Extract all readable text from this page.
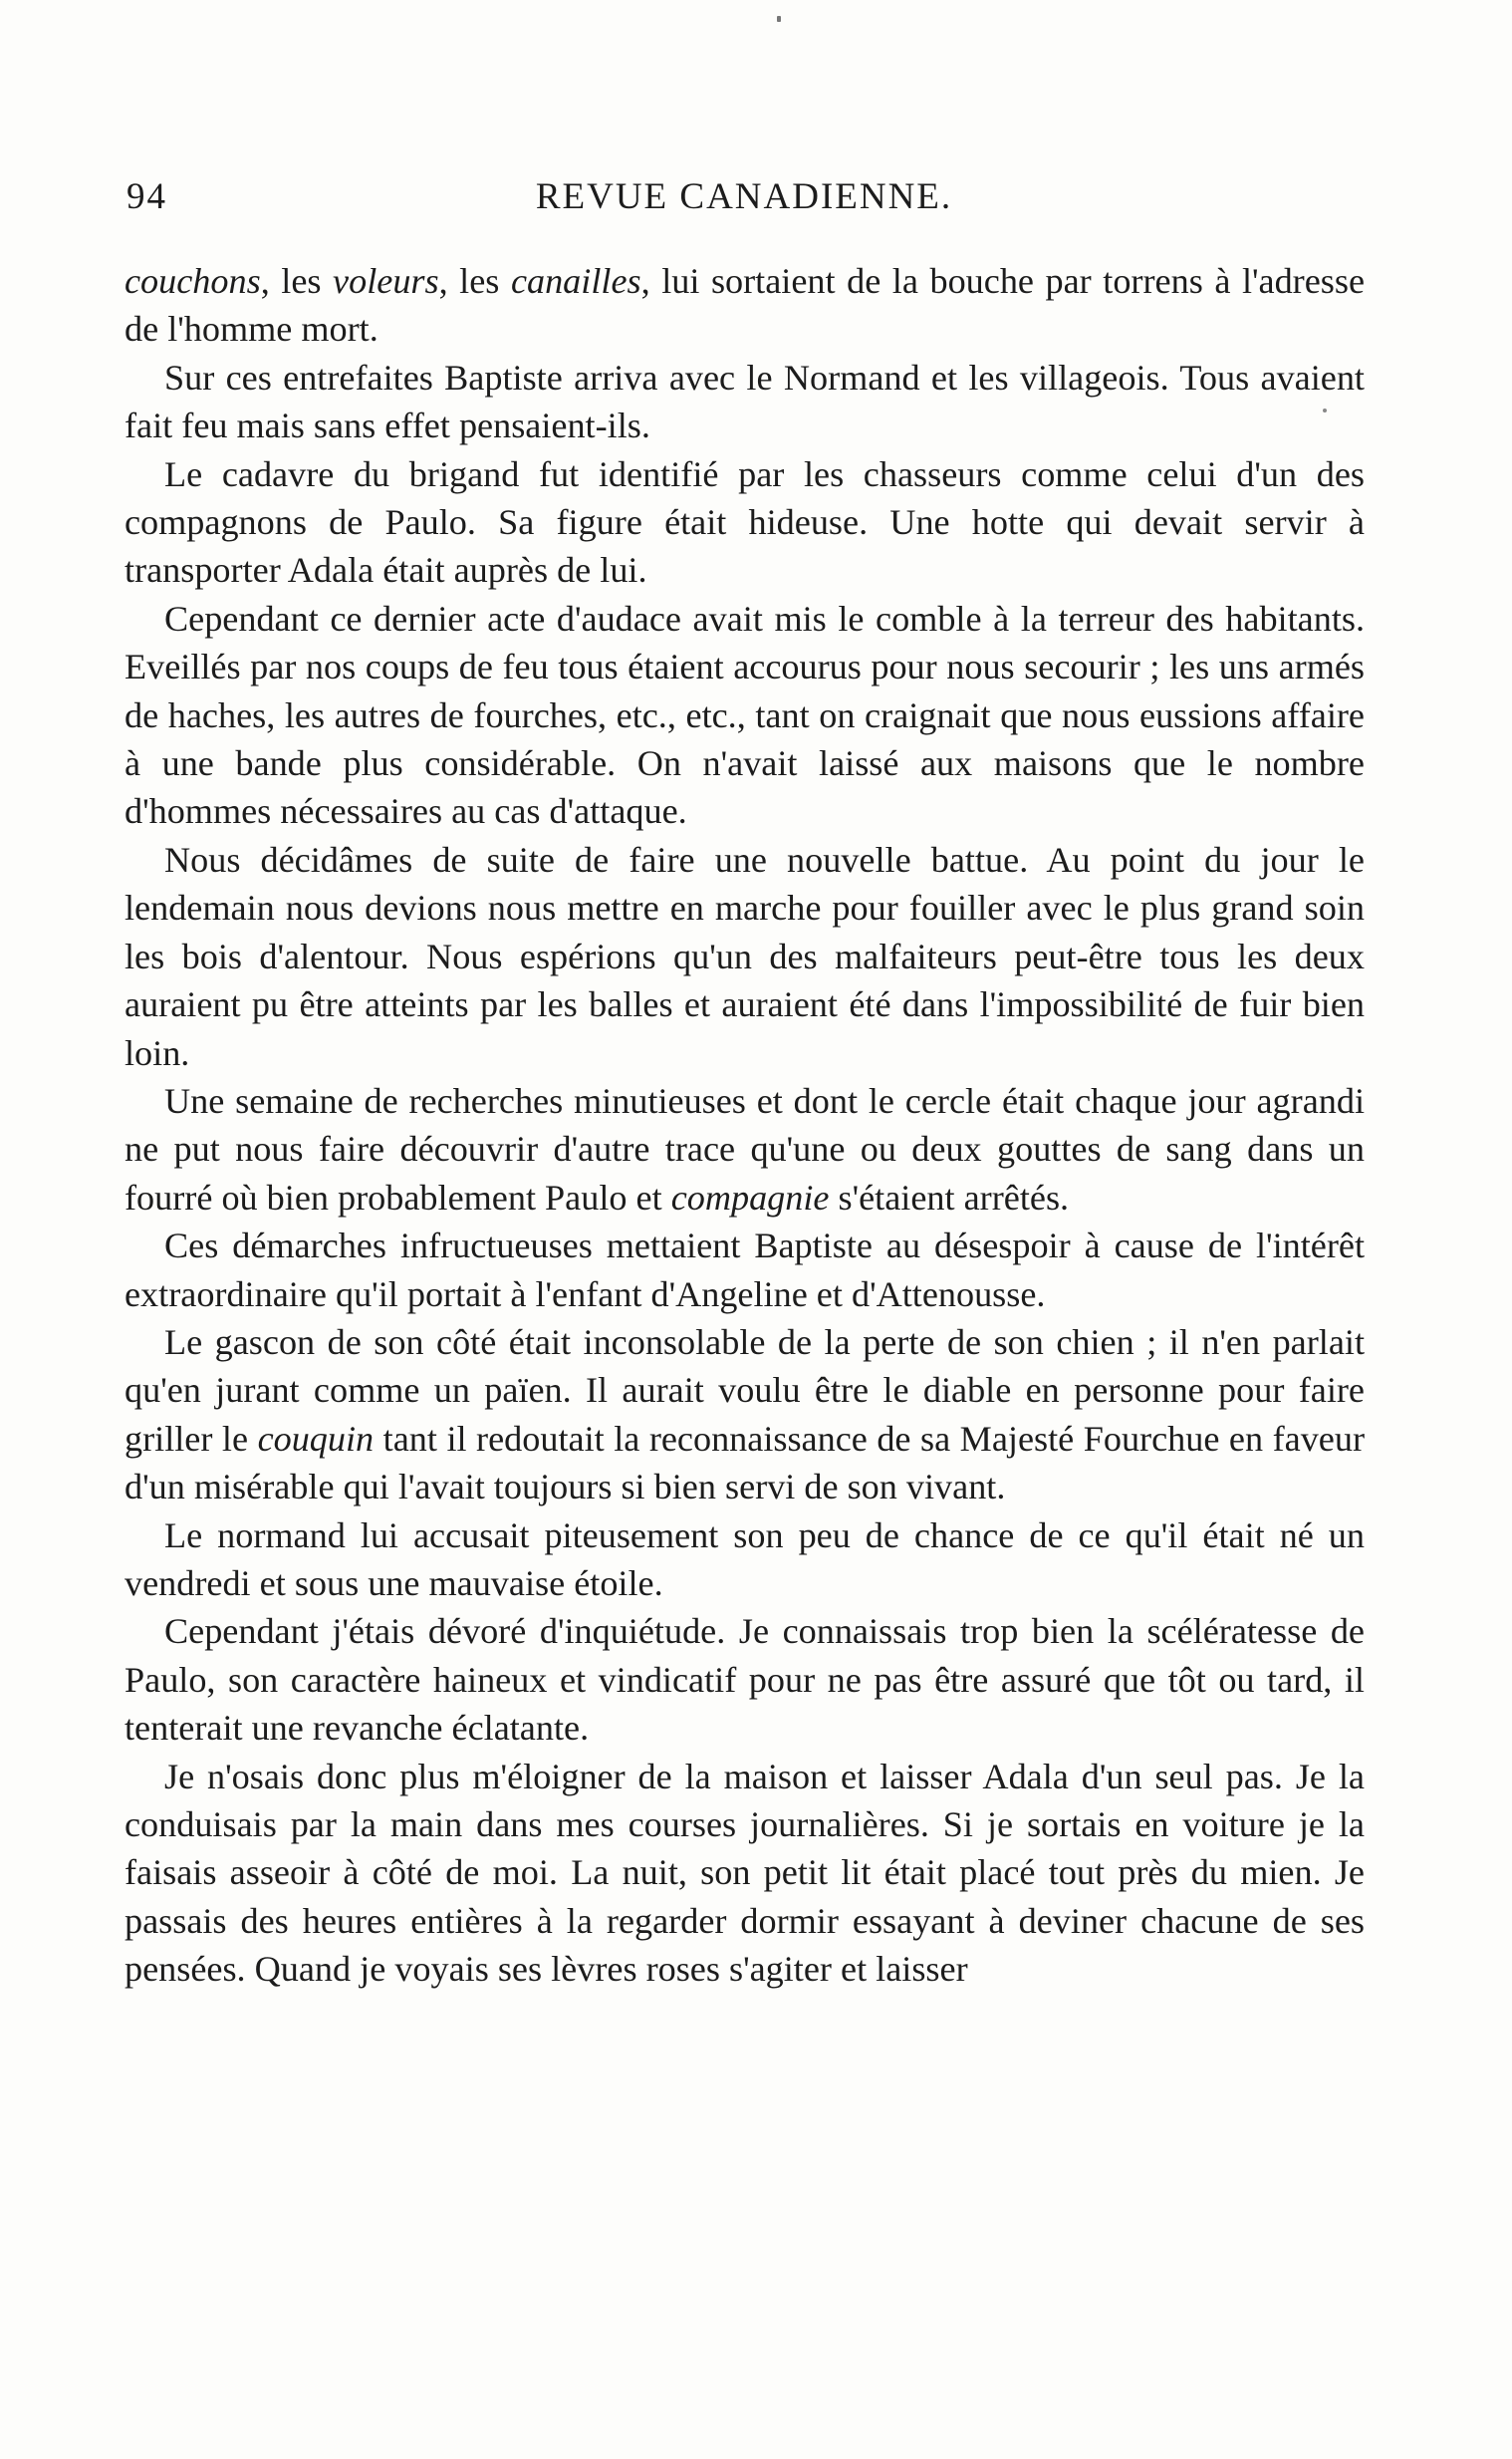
94	REVUE CANADIENNE.

couchons, les voleurs, les canailles, lui sortaient de la bouche par torrens à l'adresse de l'homme mort.

Sur ces entrefaites Baptiste arriva avec le Normand et les villageois. Tous avaient fait feu mais sans effet pensaient-ils.

Le cadavre du brigand fut identifié par les chasseurs comme celui d'un des compagnons de Paulo. Sa figure était hideuse. Une hotte qui devait servir à transporter Adala était auprès de lui.

Cependant ce dernier acte d'audace avait mis le comble à la terreur des habitants. Eveillés par nos coups de feu tous étaient accourus pour nous secourir ; les uns armés de haches, les autres de fourches, etc., etc., tant on craignait que nous eussions affaire à une bande plus considérable. On n'avait laissé aux maisons que le nombre d'hommes nécessaires au cas d'attaque.

Nous décidâmes de suite de faire une nouvelle battue. Au point du jour le lendemain nous devions nous mettre en marche pour fouiller avec le plus grand soin les bois d'alentour. Nous espérions qu'un des malfaiteurs peut-être tous les deux auraient pu être atteints par les balles et auraient été dans l'impossibilité de fuir bien loin.

Une semaine de recherches minutieuses et dont le cercle était chaque jour agrandi ne put nous faire découvrir d'autre trace qu'une ou deux gouttes de sang dans un fourré où bien probablement Paulo et compagnie s'étaient arrêtés.

Ces démarches infructueuses mettaient Baptiste au désespoir à cause de l'intérêt extraordinaire qu'il portait à l'enfant d'Angeline et d'Attenousse.

Le gascon de son côté était inconsolable de la perte de son chien ; il n'en parlait qu'en jurant comme un païen. Il aurait voulu être le diable en personne pour faire griller le couquin tant il redoutait la reconnaissance de sa Majesté Fourchue en faveur d'un misérable qui l'avait toujours si bien servi de son vivant.

Le normand lui accusait piteusement son peu de chance de ce qu'il était né un vendredi et sous une mauvaise étoile.

Cependant j'étais dévoré d'inquiétude. Je connaissais trop bien la scélératesse de Paulo, son caractère haineux et vindicatif pour ne pas être assuré que tôt ou tard, il tenterait une revanche éclatante.

Je n'osais donc plus m'éloigner de la maison et laisser Adala d'un seul pas. Je la conduisais par la main dans mes courses journalières. Si je sortais en voiture je la faisais asseoir à côté de moi. La nuit, son petit lit était placé tout près du mien. Je passais des heures entières à la regarder dormir essayant à deviner chacune de ses pensées. Quand je voyais ses lèvres roses s'agiter et laisser
